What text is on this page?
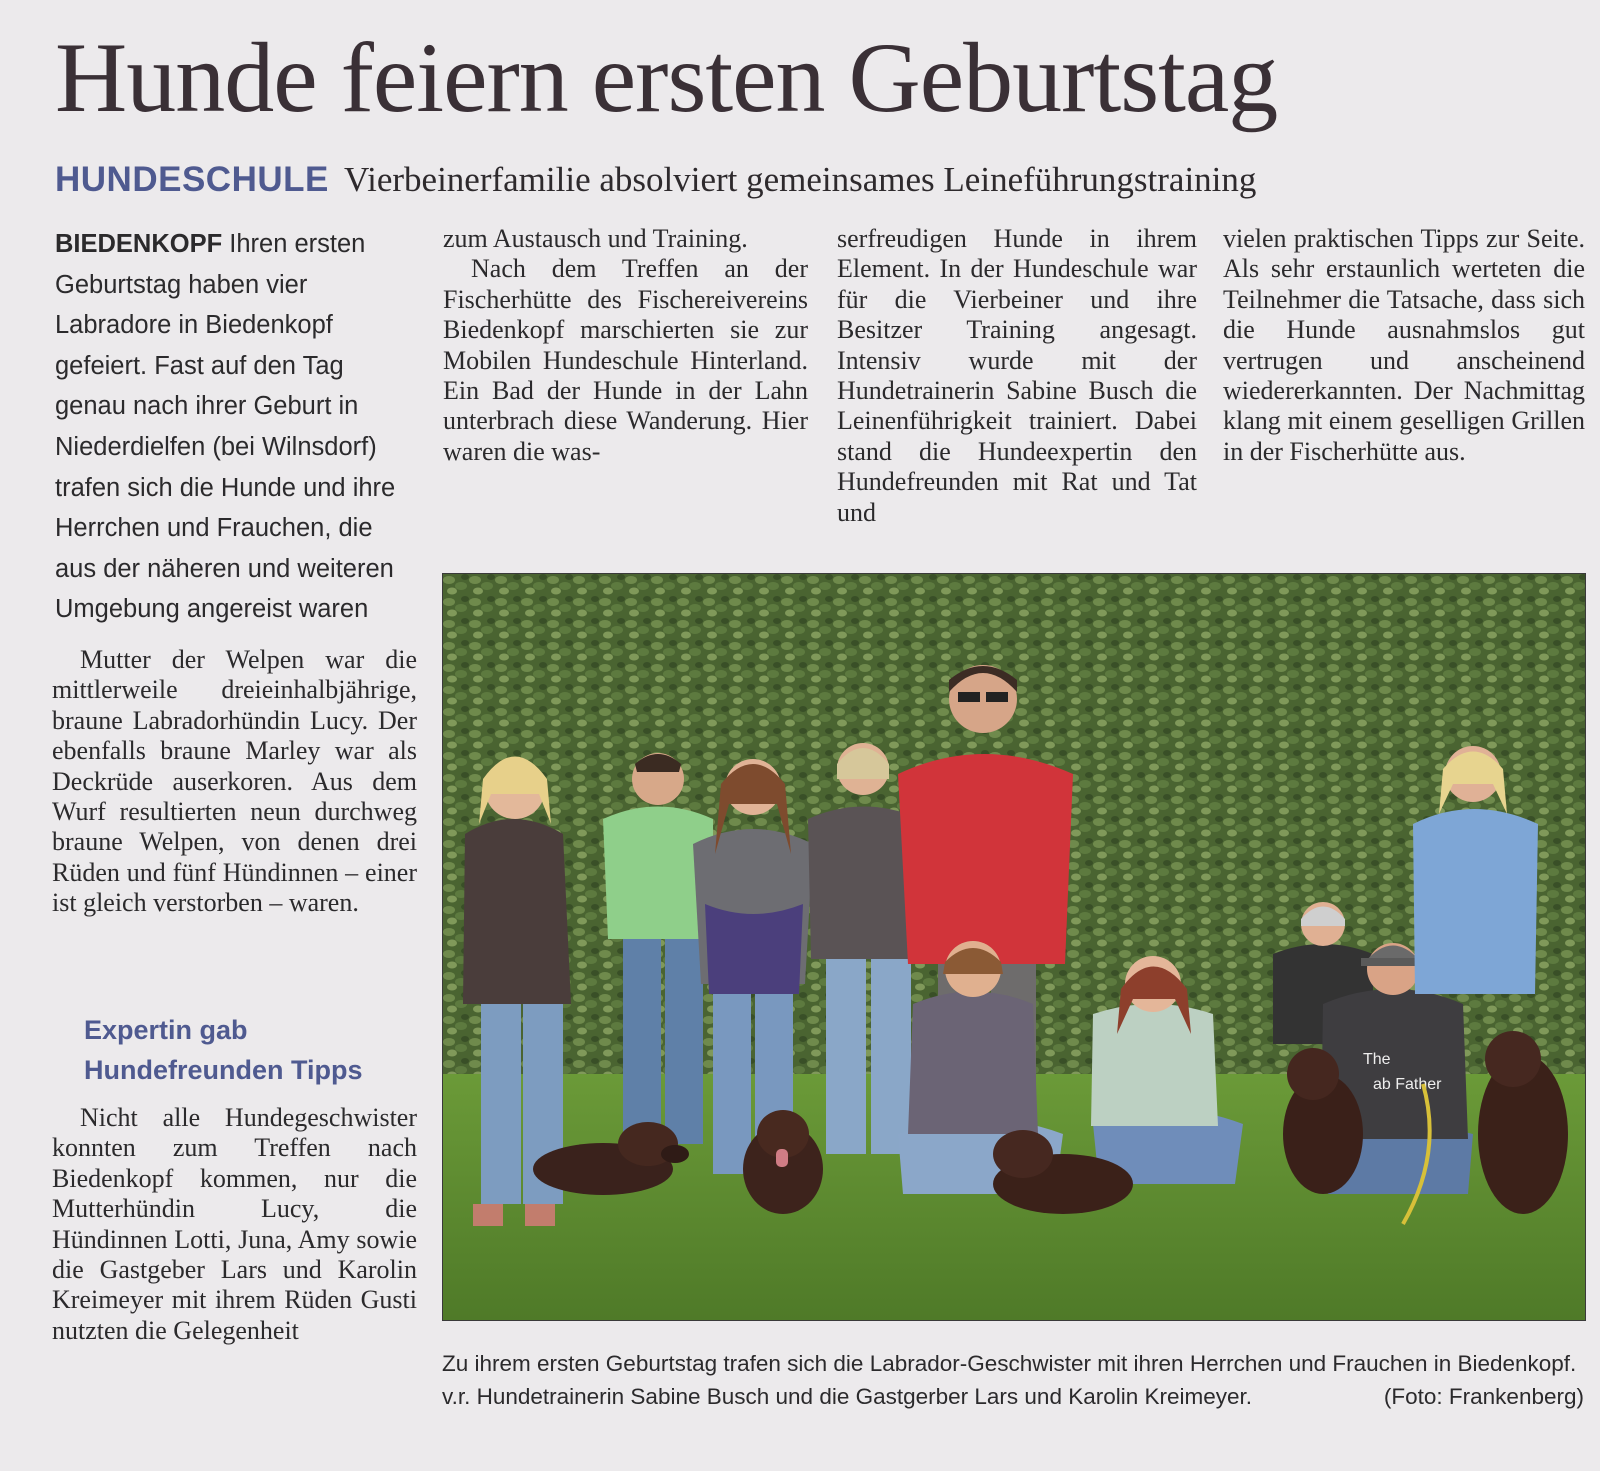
Hunde feiern ersten Geburtstag
HUNDESCHULE Vierbeinerfamilie absolviert gemeinsames Leineführungstraining
BIEDENKOPF Ihren ersten Geburtstag haben vier Labradore in Biedenkopf gefeiert. Fast auf den Tag genau nach ihrer Geburt in Niederdielfen (bei Wilnsdorf) trafen sich die Hunde und ihre Herrchen und Frauchen, die aus der näheren und weiteren Umgebung angereist waren

Mutter der Welpen war die mittlerweile dreieinhalbjährige, braune Labradorhündin Lucy. Der ebenfalls braune Marley war als Deckrüde auserkoren. Aus dem Wurf resultierten neun durchweg braune Welpen, von denen drei Rüden und fünf Hündinnen – einer ist gleich verstorben – waren.

Expertin gab Hundefreunden Tipps

Nicht alle Hundegeschwister konnten zum Treffen nach Biedenkopf kommen, nur die Mutterhündin Lucy, die Hündinnen Lotti, Juna, Amy sowie die Gastgeber Lars und Karolin Kreimeyer mit ihrem Rüden Gusti nutzten die Gelegenheit

zum Austausch und Training.

Nach dem Treffen an der Fischerhütte des Fischereivereins Biedenkopf marschierten sie zur Mobilen Hundeschule Hinterland. Ein Bad der Hunde in der Lahn unterbrach diese Wanderung. Hier waren die was-

serfreudigen Hunde in ihrem Element. In der Hundeschule war für die Vierbeiner und ihre Besitzer Training angesagt. Intensiv wurde mit der Hundetrainerin Sabine Busch die Leinenführigkeit trainiert. Dabei stand die Hundeexpertin den Hundefreunden mit Rat und Tat und

vielen praktischen Tipps zur Seite. Als sehr erstaunlich werteten die Teilnehmer die Tatsache, dass sich die Hunde ausnahmslos gut vertrugen und anscheinend wiedererkannten. Der Nachmittag klang mit einem geselligen Grillen in der Fischerhütte aus.

The
ab Father
Zu ihrem ersten Geburtstag trafen sich die Labrador-Geschwister mit ihren Herrchen und Frauchen in Biedenkopf. v.r. Hundetrainerin Sabine Busch und die Gastgerber Lars und Karolin Kreimeyer.	(Foto: Frankenberg)
